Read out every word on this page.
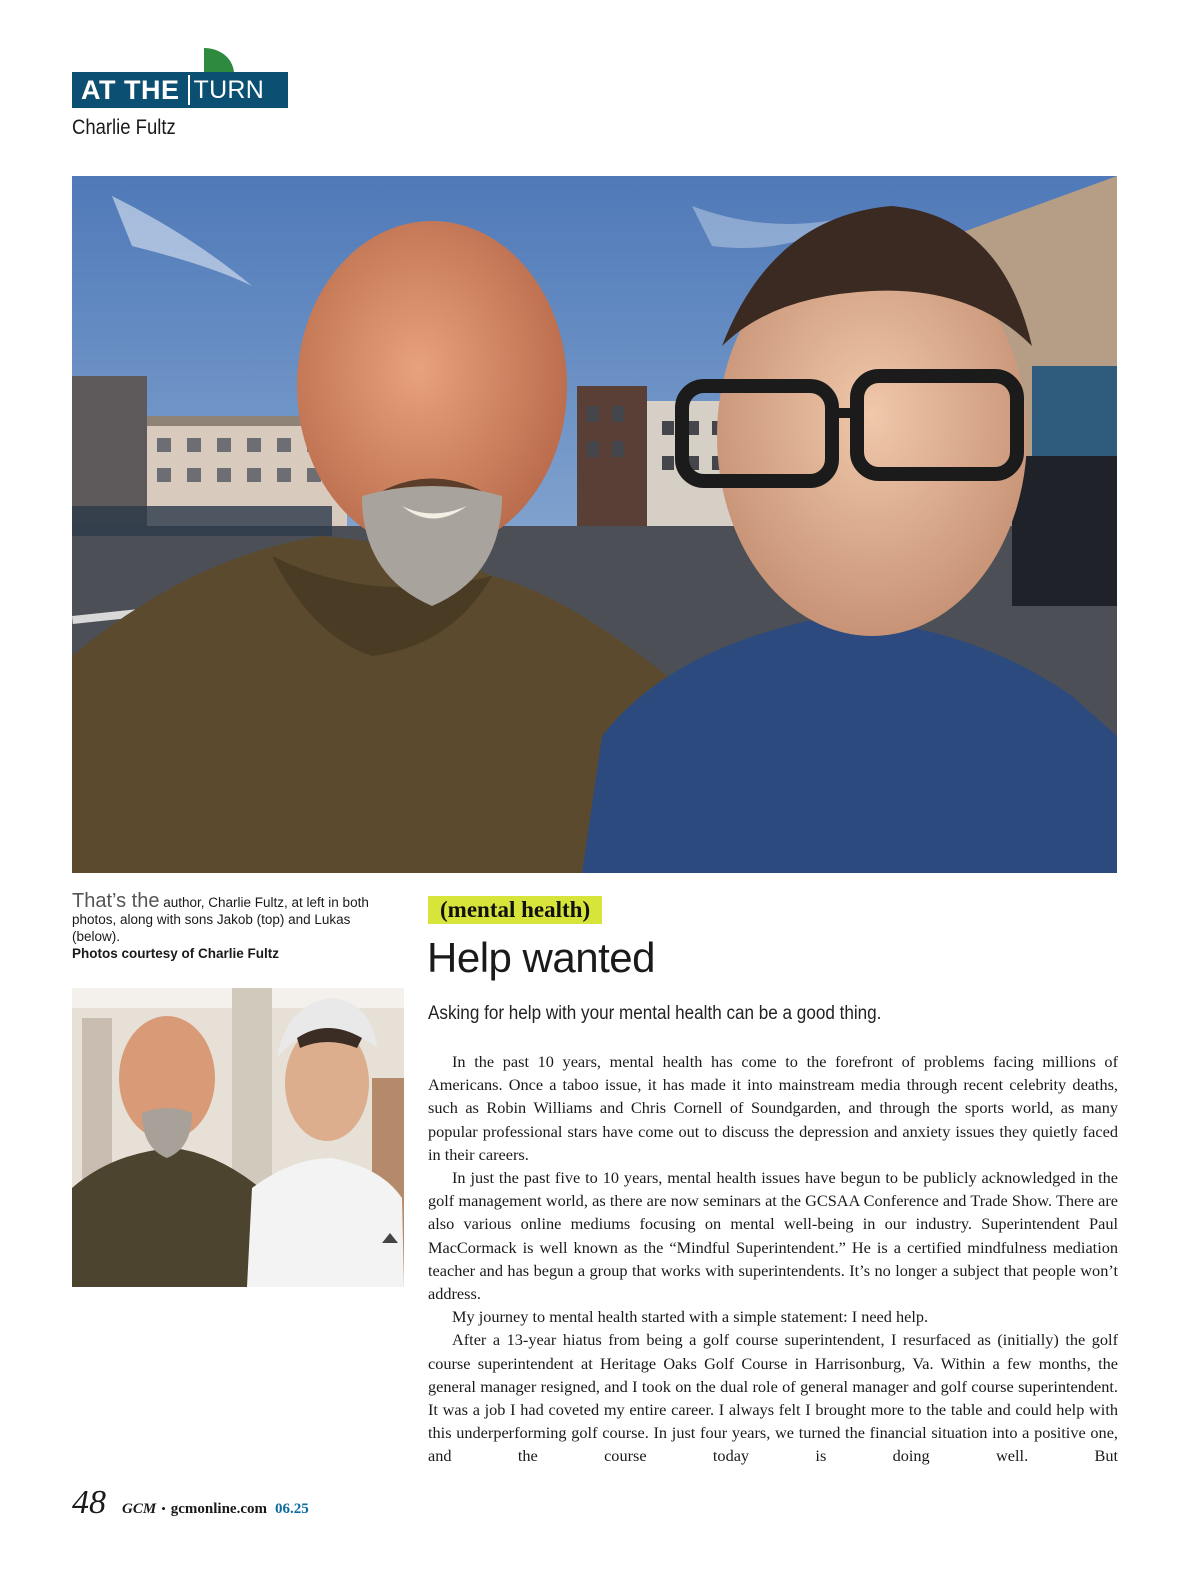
AT THE TURN
Charlie Fultz
That’s the author, Charlie Fultz, at left in both photos, along with sons Jakob (top) and Lukas (below).
Photos courtesy of Charlie Fultz
(mental health)
Help wanted
Asking for help with your mental health can be a good thing.

In the past 10 years, mental health has come to the forefront of problems facing millions of Americans. Once a taboo issue, it has made it into mainstream media through recent celebrity deaths, such as Robin Williams and Chris Cornell of Soundgarden, and through the sports world, as many popular professional stars have come out to discuss the depression and anxiety issues they quietly faced in their careers.

In just the past five to 10 years, mental health issues have begun to be publicly acknowledged in the golf management world, as there are now seminars at the GCSAA Conference and Trade Show. There are also various online mediums focusing on mental well-being in our industry. Superintendent Paul MacCormack is well known as the “Mindful Superintendent.” He is a certified mindfulness mediation teacher and has begun a group that works with superintendents. It’s no longer a subject that people won’t address.

My journey to mental health started with a simple statement: I need help.

After a 13-year hiatus from being a golf course superintendent, I resurfaced as (initially) the golf course superintendent at Heritage Oaks Golf Course in Harrisonburg, Va. Within a few months, the general manager resigned, and I took on the dual role of general manager and golf course superintendent. It was a job I had coveted my entire career. I always felt I brought more to the table and could help with this underperforming golf course. In just four years, we turned the financial situation into a positive one, and the course today is doing well. But

48 GCM • gcmonline.com 06.25
